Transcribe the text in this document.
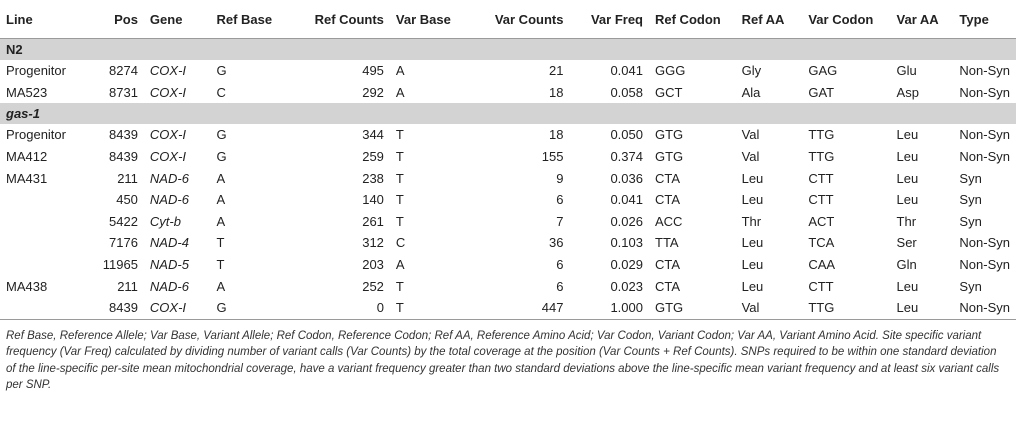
Line	Pos	Gene	Ref Base	Ref Counts	Var Base	Var Counts	Var Freq	Ref Codon	Ref AA	Var Codon	Var AA	Type
N2												
Progenitor	8274	COX-I	G	495	A	21	0.041	GGG	Gly	GAG	Glu	Non-Syn
MA523	8731	COX-I	C	292	A	18	0.058	GCT	Ala	GAT	Asp	Non-Syn
gas-1												
Progenitor	8439	COX-I	G	344	T	18	0.050	GTG	Val	TTG	Leu	Non-Syn
MA412	8439	COX-I	G	259	T	155	0.374	GTG	Val	TTG	Leu	Non-Syn
MA431	211	NAD-6	A	238	T	9	0.036	CTA	Leu	CTT	Leu	Syn
	450	NAD-6	A	140	T	6	0.041	CTA	Leu	CTT	Leu	Syn
	5422	Cyt-b	A	261	T	7	0.026	ACC	Thr	ACT	Thr	Syn
	7176	NAD-4	T	312	C	36	0.103	TTA	Leu	TCA	Ser	Non-Syn
	11965	NAD-5	T	203	A	6	0.029	CTA	Leu	CAA	Gln	Non-Syn
MA438	211	NAD-6	A	252	T	6	0.023	CTA	Leu	CTT	Leu	Syn
	8439	COX-I	G	0	T	447	1.000	GTG	Val	TTG	Leu	Non-Syn
Ref Base, Reference Allele; Var Base, Variant Allele; Ref Codon, Reference Codon; Ref AA, Reference Amino Acid; Var Codon, Variant Codon; Var AA, Variant Amino Acid. Site specific variant frequency (Var Freq) calculated by dividing number of variant calls (Var Counts) by the total coverage at the position (Var Counts + Ref Counts). SNPs required to be within one standard deviation of the line-specific per-site mean mitochondrial coverage, have a variant frequency greater than two standard deviations above the line-specific mean variant frequency and at least six variant calls per SNP.
